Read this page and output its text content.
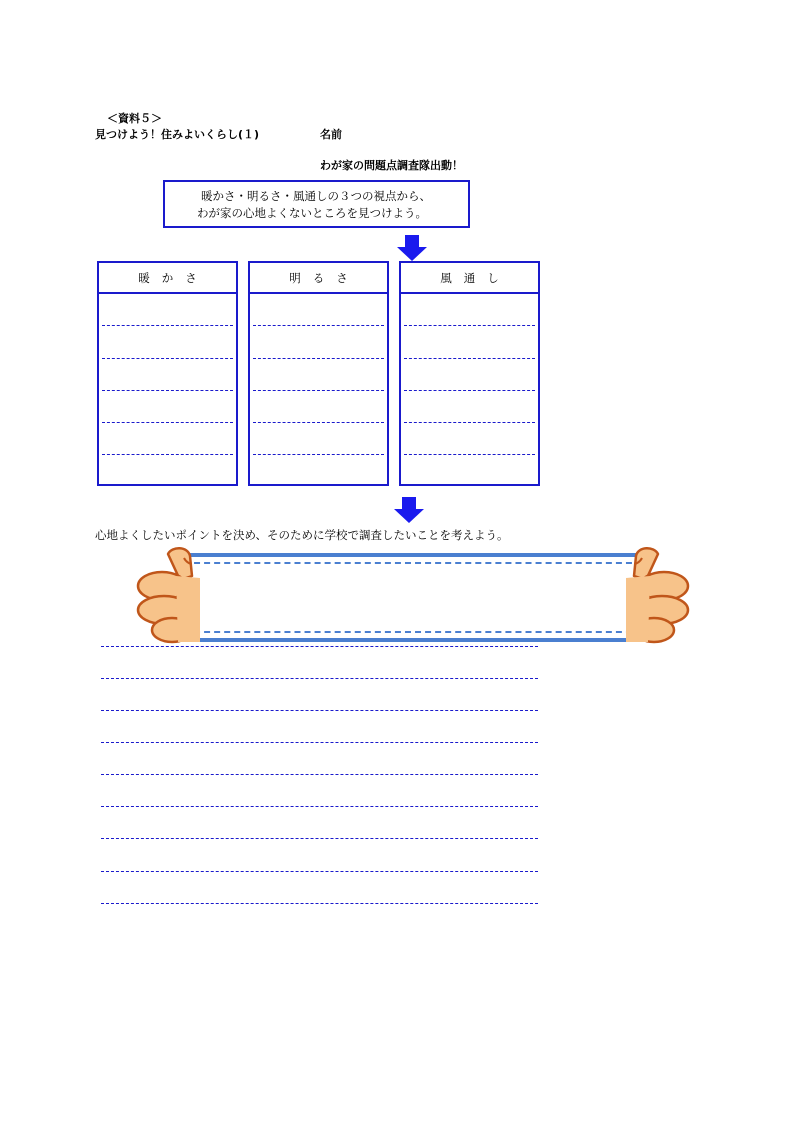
＜資料５＞
見つけよう！住みよいくらし(１)	名前
わが家の問題点調査隊出動！
暖かさ・明るさ・風通しの３つの視点から、
わが家の心地よくないところを見つけよう。
暖かさ	明るさ	風通し
心地よくしたいポイントを決め、そのために学校で調査したいことを考えよう。
